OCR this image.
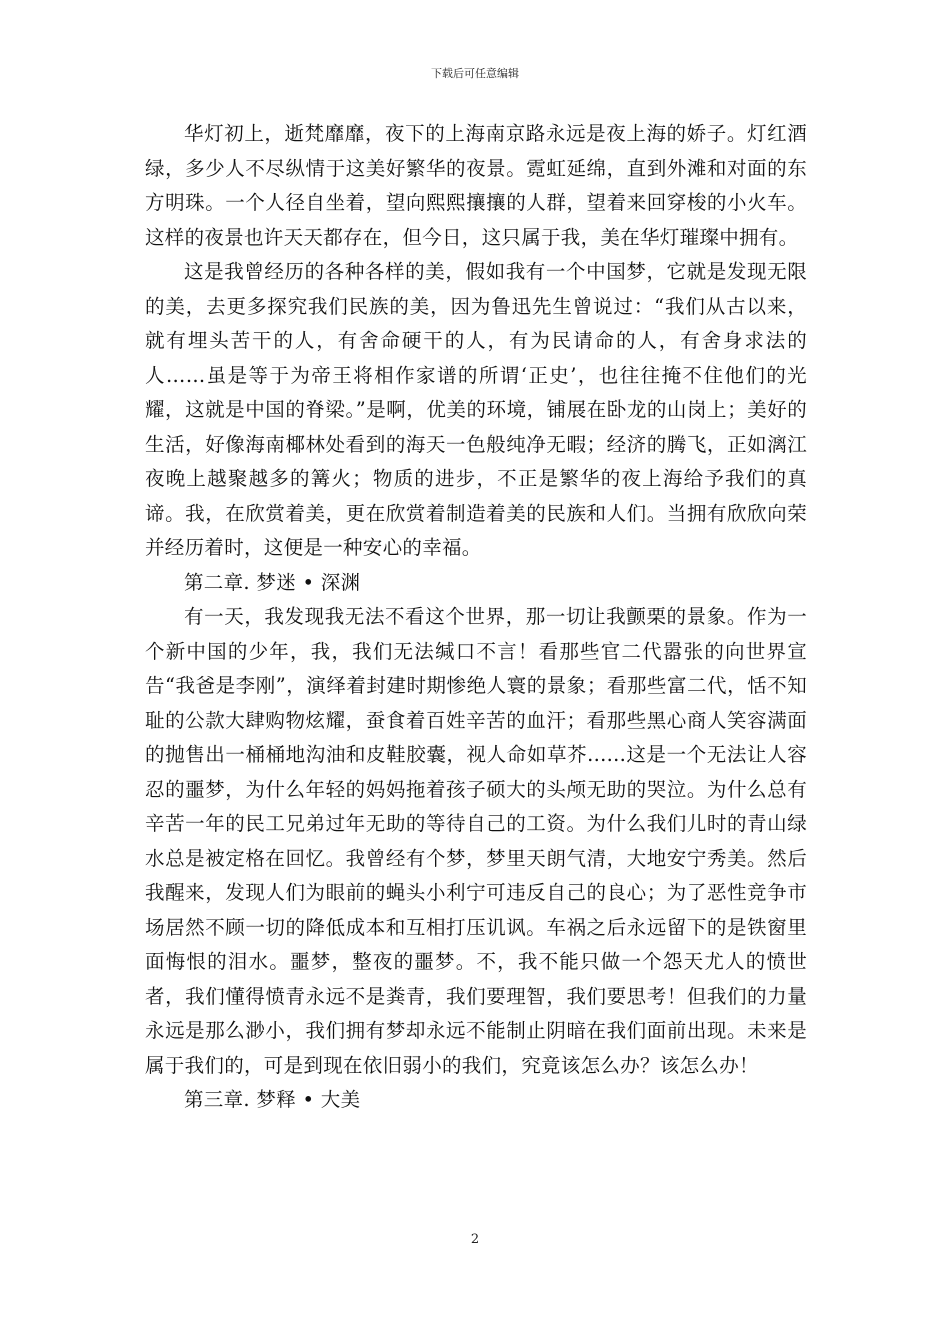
下载后可任意编辑

华灯初上，逝梵靡靡，夜下的上海南京路永远是夜上海的娇子。灯红酒绿，多少人不尽纵情于这美好繁华的夜景。霓虹延绵，直到外滩和对面的东方明珠。一个人径自坐着，望向熙熙攘攘的人群，望着来回穿梭的小火车。这样的夜景也许天天都存在，但今日，这只属于我，美在华灯璀璨中拥有。

这是我曾经历的各种各样的美，假如我有一个中国梦，它就是发现无限的美，去更多探究我们民族的美，因为鲁迅先生曾说过：“我们从古以来，就有埋头苦干的人，有舍命硬干的人，有为民请命的人，有舍身求法的人……虽是等于为帝王将相作家谱的所谓‘正史’，也往往掩不住他们的光耀，这就是中国的脊梁。”是啊，优美的环境，铺展在卧龙的山岗上；美好的生活，好像海南椰林处看到的海天一色般纯净无暇；经济的腾飞，正如漓江夜晚上越聚越多的篝火；物质的进步，不正是繁华的夜上海给予我们的真谛。我，在欣赏着美，更在欣赏着制造着美的民族和人们。当拥有欣欣向荣并经历着时，这便是一种安心的幸福。

第二章. 梦迷 • 深渊

有一天，我发现我无法不看这个世界，那一切让我颤栗的景象。作为一个新中国的少年，我，我们无法缄口不言！看那些官二代嚣张的向世界宣告“我爸是李刚”，演绎着封建时期惨绝人寰的景象；看那些富二代，恬不知耻的公款大肆购物炫耀，蚕食着百姓辛苦的血汗；看那些黑心商人笑容满面的抛售出一桶桶地沟油和皮鞋胶囊，视人命如草芥......这是一个无法让人容忍的噩梦，为什么年轻的妈妈拖着孩子硕大的头颅无助的哭泣。为什么总有辛苦一年的民工兄弟过年无助的等待自己的工资。为什么我们儿时的青山绿水总是被定格在回忆。我曾经有个梦，梦里天朗气清，大地安宁秀美。然后我醒来，发现人们为眼前的蝇头小利宁可违反自己的良心；为了恶性竞争市场居然不顾一切的降低成本和互相打压讥讽。车祸之后永远留下的是铁窗里面悔恨的泪水。噩梦，整夜的噩梦。不，我不能只做一个怨天尤人的愤世者，我们懂得愤青永远不是粪青，我们要理智，我们要思考！但我们的力量永远是那么渺小，我们拥有梦却永远不能制止阴暗在我们面前出现。未来是属于我们的，可是到现在依旧弱小的我们，究竟该怎么办？该怎么办！

第三章. 梦释 • 大美

2
